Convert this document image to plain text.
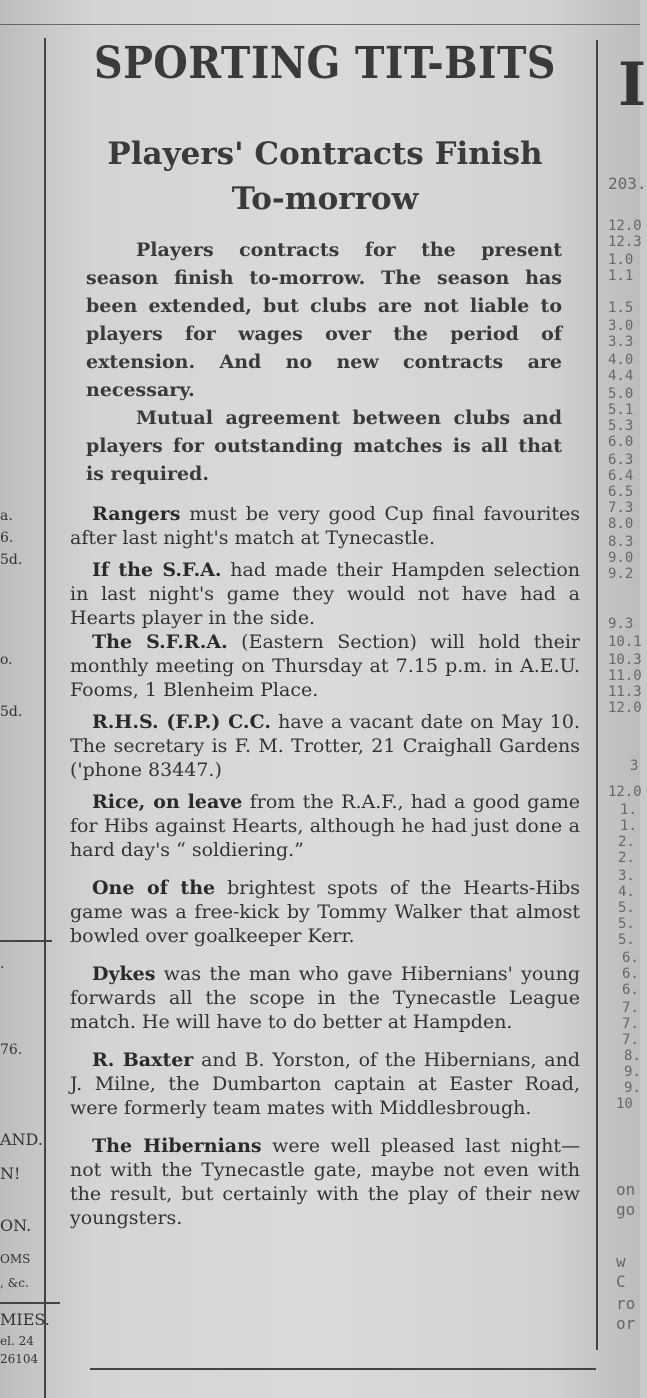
a.
6.
5d.
o.
5d.
.
76.
AND.
N!
ON.
OMS
, &c.
MIES.
el. 24
26104
I
203.
12.0
12.3
1.0
1.1
1.5
3.0
3.3
4.0
4.4
5.0
5.1
5.3
6.0
6.3
6.4
6.5
7.3
8.0
8.3
9.0
9.2
9.3
10.1
10.3
11.0
11.3
12.0
3
12.0
1.
1.
2.
2.
3.
4.
5.
5.
5.
6.
6.
6.
7.
7.
7.
8.
9.
9.
10
on
go
w
C
ro
or
SPORTING TIT-BITS
Players' Contracts Finish
To-morrow

Players contracts for the present season finish to-morrow. The season has been extended, but clubs are not liable to players for wages over the period of extension. And no new contracts are necessary.

Mutual agreement between clubs and players for outstanding matches is all that is required.

Rangers must be very good Cup final favourites after last night's match at Tynecastle.

If the S.F.A. had made their Hampden selection in last night's game they would not have had a Hearts player in the side.

The S.F.R.A. (Eastern Section) will hold their monthly meeting on Thursday at 7.15 p.m. in A.E.U. Fooms, 1 Blenheim Place.

R.H.S. (F.P.) C.C. have a vacant date on May 10. The secretary is F. M. Trotter, 21 Craighall Gardens ('phone 83447.)

Rice, on leave from the R.A.F., had a good game for Hibs against Hearts, although he had just done a hard day's “ soldiering.”

One of the brightest spots of the Hearts-Hibs game was a free-kick by Tommy Walker that almost bowled over goalkeeper Kerr.

Dykes was the man who gave Hibernians' young forwards all the scope in the Tynecastle League match. He will have to do better at Hampden.

R. Baxter and B. Yorston, of the Hibernians, and J. Milne, the Dumbarton captain at Easter Road, were formerly team mates with Middlesbrough.

The Hibernians were well pleased last night—not with the Tynecastle gate, maybe not even with the result, but certainly with the play of their new youngsters.
